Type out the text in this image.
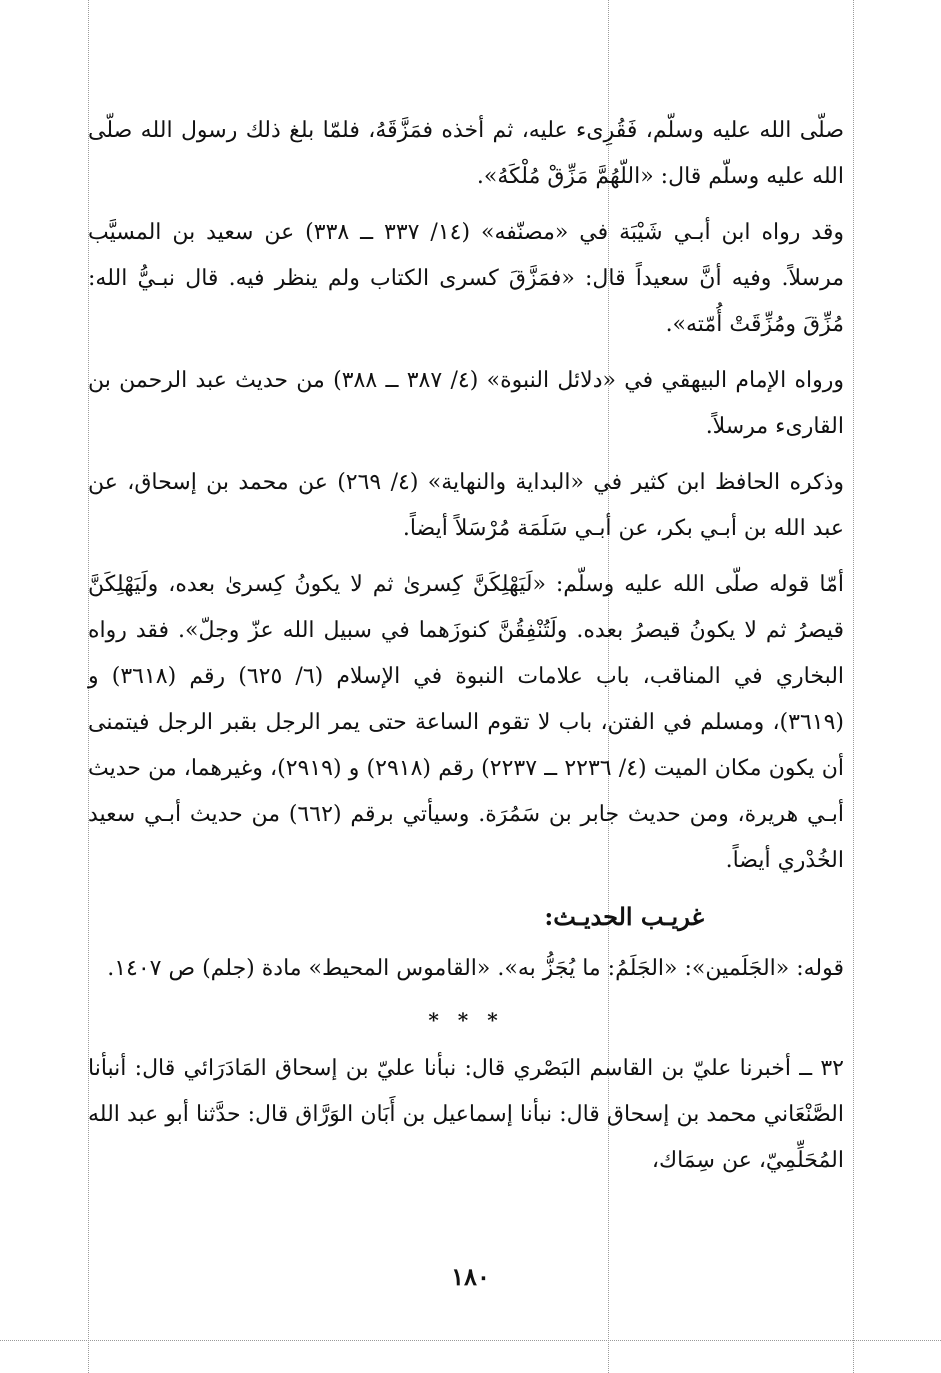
صلّى الله عليه وسلّم، فَقُرِىء عليه، ثم أخذه فمَزَّقَهُ، فلمّا بلغ ذلك رسول الله صلّى الله عليه وسلّم قال: «اللّهُمَّ مَزِّقْ مُلْكَهُ».

وقد رواه ابن أبـي شَيْبَة في «مصنّفه» (١٤/ ٣٣٧ ــ ٣٣٨) عن سعيد بن المسيَّب مرسلاً. وفيه أنَّ سعيداً قال: «فمَزَّقَ كسرى الكتاب ولم ينظر فيه. قال نبـيُّ الله: مُزِّقَ ومُزِّقَتْ أُمّته».

ورواه الإمام البيهقي في «دلائل النبوة» (٤/ ٣٨٧ ــ ٣٨٨) من حديث عبد الرحمن بن القارىء مرسلاً.

وذكره الحافظ ابن كثير في «البداية والنهاية» (٤/ ٢٦٩) عن محمد بن إسحاق، عن عبد الله بن أبـي بكر، عن أبـي سَلَمَة مُرْسَلاً أيضاً.

أمّا قوله صلّى الله عليه وسلّم: «لَيَهْلِكَنَّ كِسرىٰ ثم لا يكونُ كِسرىٰ بعده، ولَيَهْلِكَنَّ قيصرُ ثم لا يكونُ قيصرُ بعده. ولَتُنْفِقُنَّ كنوزَهما في سبيل الله عزّ وجلّ». فقد رواه البخاري في المناقب، باب علامات النبوة في الإسلام (٦/ ٦٢٥) رقم (٣٦١٨) و (٣٦١٩)، ومسلم في الفتن، باب لا تقوم الساعة حتى يمر الرجل بقبر الرجل فيتمنى أن يكون مكان الميت (٤/ ٢٢٣٦ ــ ٢٢٣٧) رقم (٢٩١٨) و (٢٩١٩)، وغيرهما، من حديث أبـي هريرة، ومن حديث جابر بن سَمُرَة. وسيأتي برقم (٦٦٢) من حديث أبـي سعيد الخُدْري أيضاً.

غريـب الحديـث:

قوله: «الجَلَمين»: «الجَلَمُ: ما يُجَزُّ به». «القاموس المحيط» مادة (جلم) ص ١٤٠٧.

* * *

٣٢ ــ أخبرنا عليّ بن القاسم البَصْري قال: نبأنا عليّ بن إسحاق المَادَرَائي قال: أنبأنا الصَّنْعَاني محمد بن إسحاق قال: نبأنا إسماعيل بن أَبَان الوَرَّاق قال: حدَّثنا أبو عبد الله المُحَلِّمِيّ، عن سِمَاك،

١٨٠
